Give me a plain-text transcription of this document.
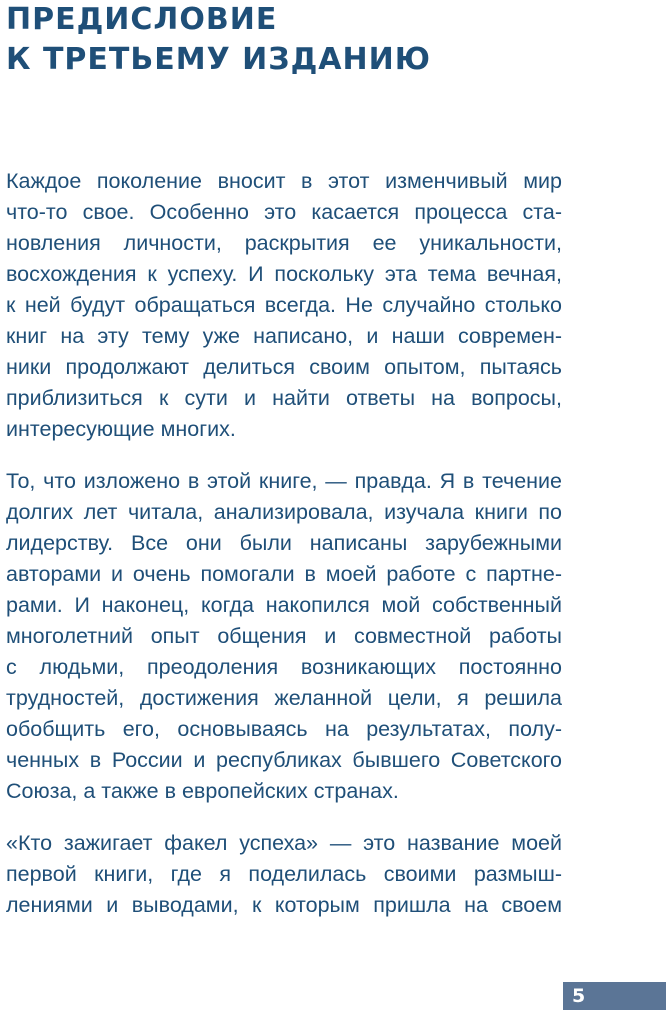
ПРЕДИСЛОВИЕ
К ТРЕТЬЕМУ ИЗДАНИЮ
Каждое поколение вносит в этот изменчивый мир
что-то свое. Особенно это касается процесса ста-
новления личности, раскрытия ее уникальности,
восхождения к успеху. И поскольку эта тема вечная,
к ней будут обращаться всегда. Не случайно столько
книг на эту тему уже написано, и наши современ-
ники продолжают делиться своим опытом, пытаясь
приблизиться к сути и найти ответы на вопросы,
интересующие многих.
То, что изложено в этой книге, — правда. Я в течение
долгих лет читала, анализировала, изучала книги по
лидерству. Все они были написаны зарубежными
авторами и очень помогали в моей работе с партне-
рами. И наконец, когда накопился мой собственный
многолетний опыт общения и совместной работы
с людьми, преодоления возникающих постоянно
трудностей, достижения желанной цели, я решила
обобщить его, основываясь на результатах, полу-
ченных в России и республиках бывшего Советского
Союза, а также в европейских странах.
«Кто зажигает факел успеха» — это название моей
первой книги, где я поделилась своими размыш-
лениями и выводами, к которым пришла на своем
5
